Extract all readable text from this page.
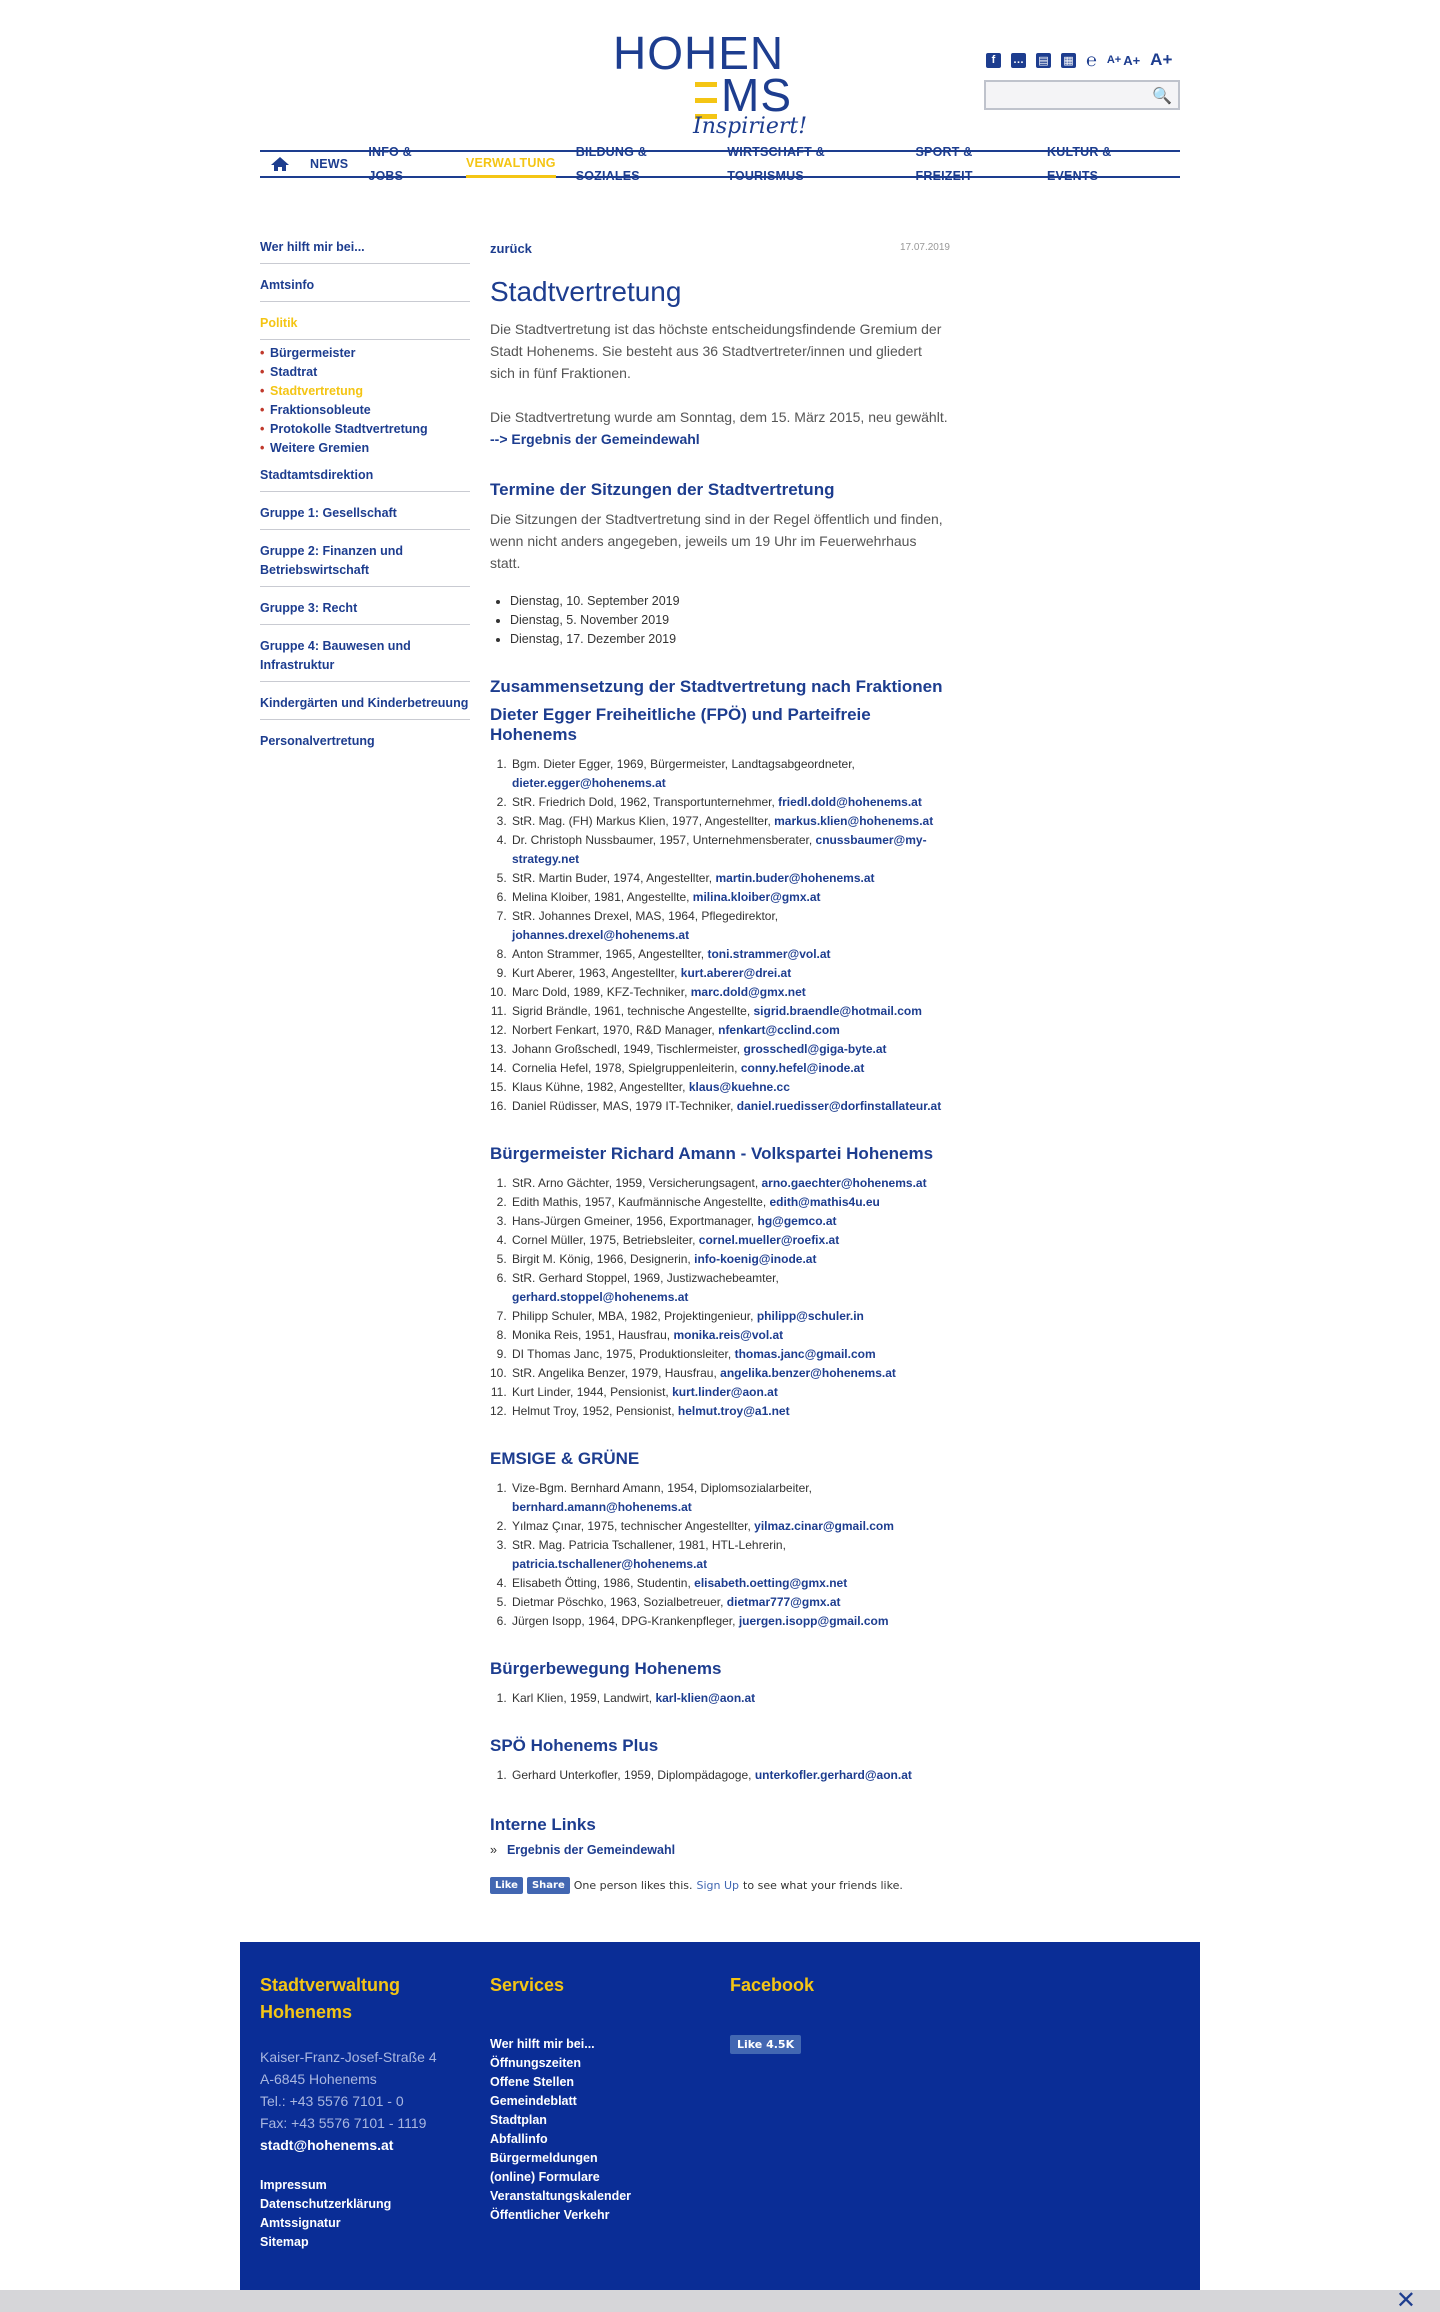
HOHEN
MS
Inspiriert!
f	… ▤ ▦ ℮ A+ A+ A+
🔍
NEWS
INFO & JOBS
VERWALTUNG
BILDUNG & SOZIALES
WIRTSCHAFT & TOURISMUS
SPORT & FREIZEIT
KULTUR & EVENTS
Wer hilft mir bei...
Amtsinfo
Politik
• Bürgermeister
• Stadtrat
• Stadtvertretung
• Fraktionsobleute
• Protokolle Stadtvertretung
• Weitere Gremien
Stadtamtsdirektion
Gruppe 1: Gesellschaft
Gruppe 2: Finanzen und Betriebswirtschaft
Gruppe 3: Recht
Gruppe 4: Bauwesen und Infrastruktur
Kindergärten und Kinderbetreuung
Personalvertretung
zurück	17.07.2019
Stadtvertretung

Die Stadtvertretung ist das höchste entscheidungsfindende Gremium der Stadt Hohenems. Sie besteht aus 36 Stadtvertreter/innen und gliedert sich in fünf Fraktionen.

Die Stadtvertretung wurde am Sonntag, dem 15. März 2015, neu gewählt. --> Ergebnis der Gemeindewahl

Termine der Sitzungen der Stadtvertretung

Die Sitzungen der Stadtvertretung sind in der Regel öffentlich und finden, wenn nicht anders angegeben, jeweils um 19 Uhr im Feuerwehrhaus statt.

• Dienstag, 10. September 2019
• Dienstag, 5. November 2019
• Dienstag, 17. Dezember 2019
Zusammensetzung der Stadtvertretung nach Fraktionen
Dieter Egger Freiheitliche (FPÖ) und Parteifreie Hohenems
1. Bgm. Dieter Egger, 1969, Bürgermeister, Landtagsabgeordneter, dieter.egger@hohenems.at
2. StR. Friedrich Dold, 1962, Transportunternehmer, friedl.dold@hohenems.at
3. StR. Mag. (FH) Markus Klien, 1977, Angestellter, markus.klien@hohenems.at
4. Dr. Christoph Nussbaumer, 1957, Unternehmensberater, cnussbaumer@my-strategy.net
5. StR. Martin Buder, 1974, Angestellter, martin.buder@hohenems.at
6. Melina Kloiber, 1981, Angestellte, milina.kloiber@gmx.at
7. StR. Johannes Drexel, MAS, 1964, Pflegedirektor, johannes.drexel@hohenems.at
8. Anton Strammer, 1965, Angestellter, toni.strammer@vol.at
9. Kurt Aberer, 1963, Angestellter, kurt.aberer@drei.at
10. Marc Dold, 1989, KFZ-Techniker, marc.dold@gmx.net
11. Sigrid Brändle, 1961, technische Angestellte, sigrid.braendle@hotmail.com
12. Norbert Fenkart, 1970, R&D Manager, nfenkart@cclind.com
13. Johann Großschedl, 1949, Tischlermeister, grosschedl@giga-byte.at
14. Cornelia Hefel, 1978, Spielgruppenleiterin, conny.hefel@inode.at
15. Klaus Kühne, 1982, Angestellter, klaus@kuehne.cc
16. Daniel Rüdisser, MAS, 1979 IT-Techniker, daniel.ruedisser@dorfinstallateur.at
Bürgermeister Richard Amann - Volkspartei Hohenems
1. StR. Arno Gächter, 1959, Versicherungsagent, arno.gaechter@hohenems.at
2. Edith Mathis, 1957, Kaufmännische Angestellte, edith@mathis4u.eu
3. Hans-Jürgen Gmeiner, 1956, Exportmanager, hg@gemco.at
4. Cornel Müller, 1975, Betriebsleiter, cornel.mueller@roefix.at
5. Birgit M. König, 1966, Designerin, info-koenig@inode.at
6. StR. Gerhard Stoppel, 1969, Justizwachebeamter, gerhard.stoppel@hohenems.at
7. Philipp Schuler, MBA, 1982, Projektingenieur, philipp@schuler.in
8. Monika Reis, 1951, Hausfrau, monika.reis@vol.at
9. DI Thomas Janc, 1975, Produktionsleiter, thomas.janc@gmail.com
10. StR. Angelika Benzer, 1979, Hausfrau, angelika.benzer@hohenems.at
11. Kurt Linder, 1944, Pensionist, kurt.linder@aon.at
12. Helmut Troy, 1952, Pensionist, helmut.troy@a1.net
EMSIGE & GRÜNE
1. Vize-Bgm. Bernhard Amann, 1954, Diplomsozialarbeiter, bernhard.amann@hohenems.at
2. Yılmaz Çınar, 1975, technischer Angestellter, yilmaz.cinar@gmail.com
3. StR. Mag. Patricia Tschallener, 1981, HTL-Lehrerin, patricia.tschallener@hohenems.at
4. Elisabeth Ötting, 1986, Studentin, elisabeth.oetting@gmx.net
5. Dietmar Pöschko, 1963, Sozialbetreuer, dietmar777@gmx.at
6. Jürgen Isopp, 1964, DPG-Krankenpfleger, juergen.isopp@gmail.com
Bürgerbewegung Hohenems
1. Karl Klien, 1959, Landwirt, karl-klien@aon.at
SPÖ Hohenems Plus
1. Gerhard Unterkofler, 1959, Diplompädagoge, unterkofler.gerhard@aon.at
Interne Links
» Ergebnis der Gemeindewahl
Like	Share One person likes this. Sign Up to see what your friends like.
Stadtverwaltung Hohenems
Kaiser-Franz-Josef-Straße 4
A-6845 Hohenems
Tel.: +43 5576 7101 - 0
Fax: +43 5576 7101 - 1119
stadt@hohenems.at
Impressum
Datenschutzerklärung
Amtssignatur
Sitemap
Services
Wer hilft mir bei...
Öffnungszeiten
Offene Stellen
Gemeindeblatt
Stadtplan
Abfallinfo
Bürgermeldungen
(online) Formulare
Veranstaltungskalender
Öffentlicher Verkehr
Facebook
Like 4.5K
✕
